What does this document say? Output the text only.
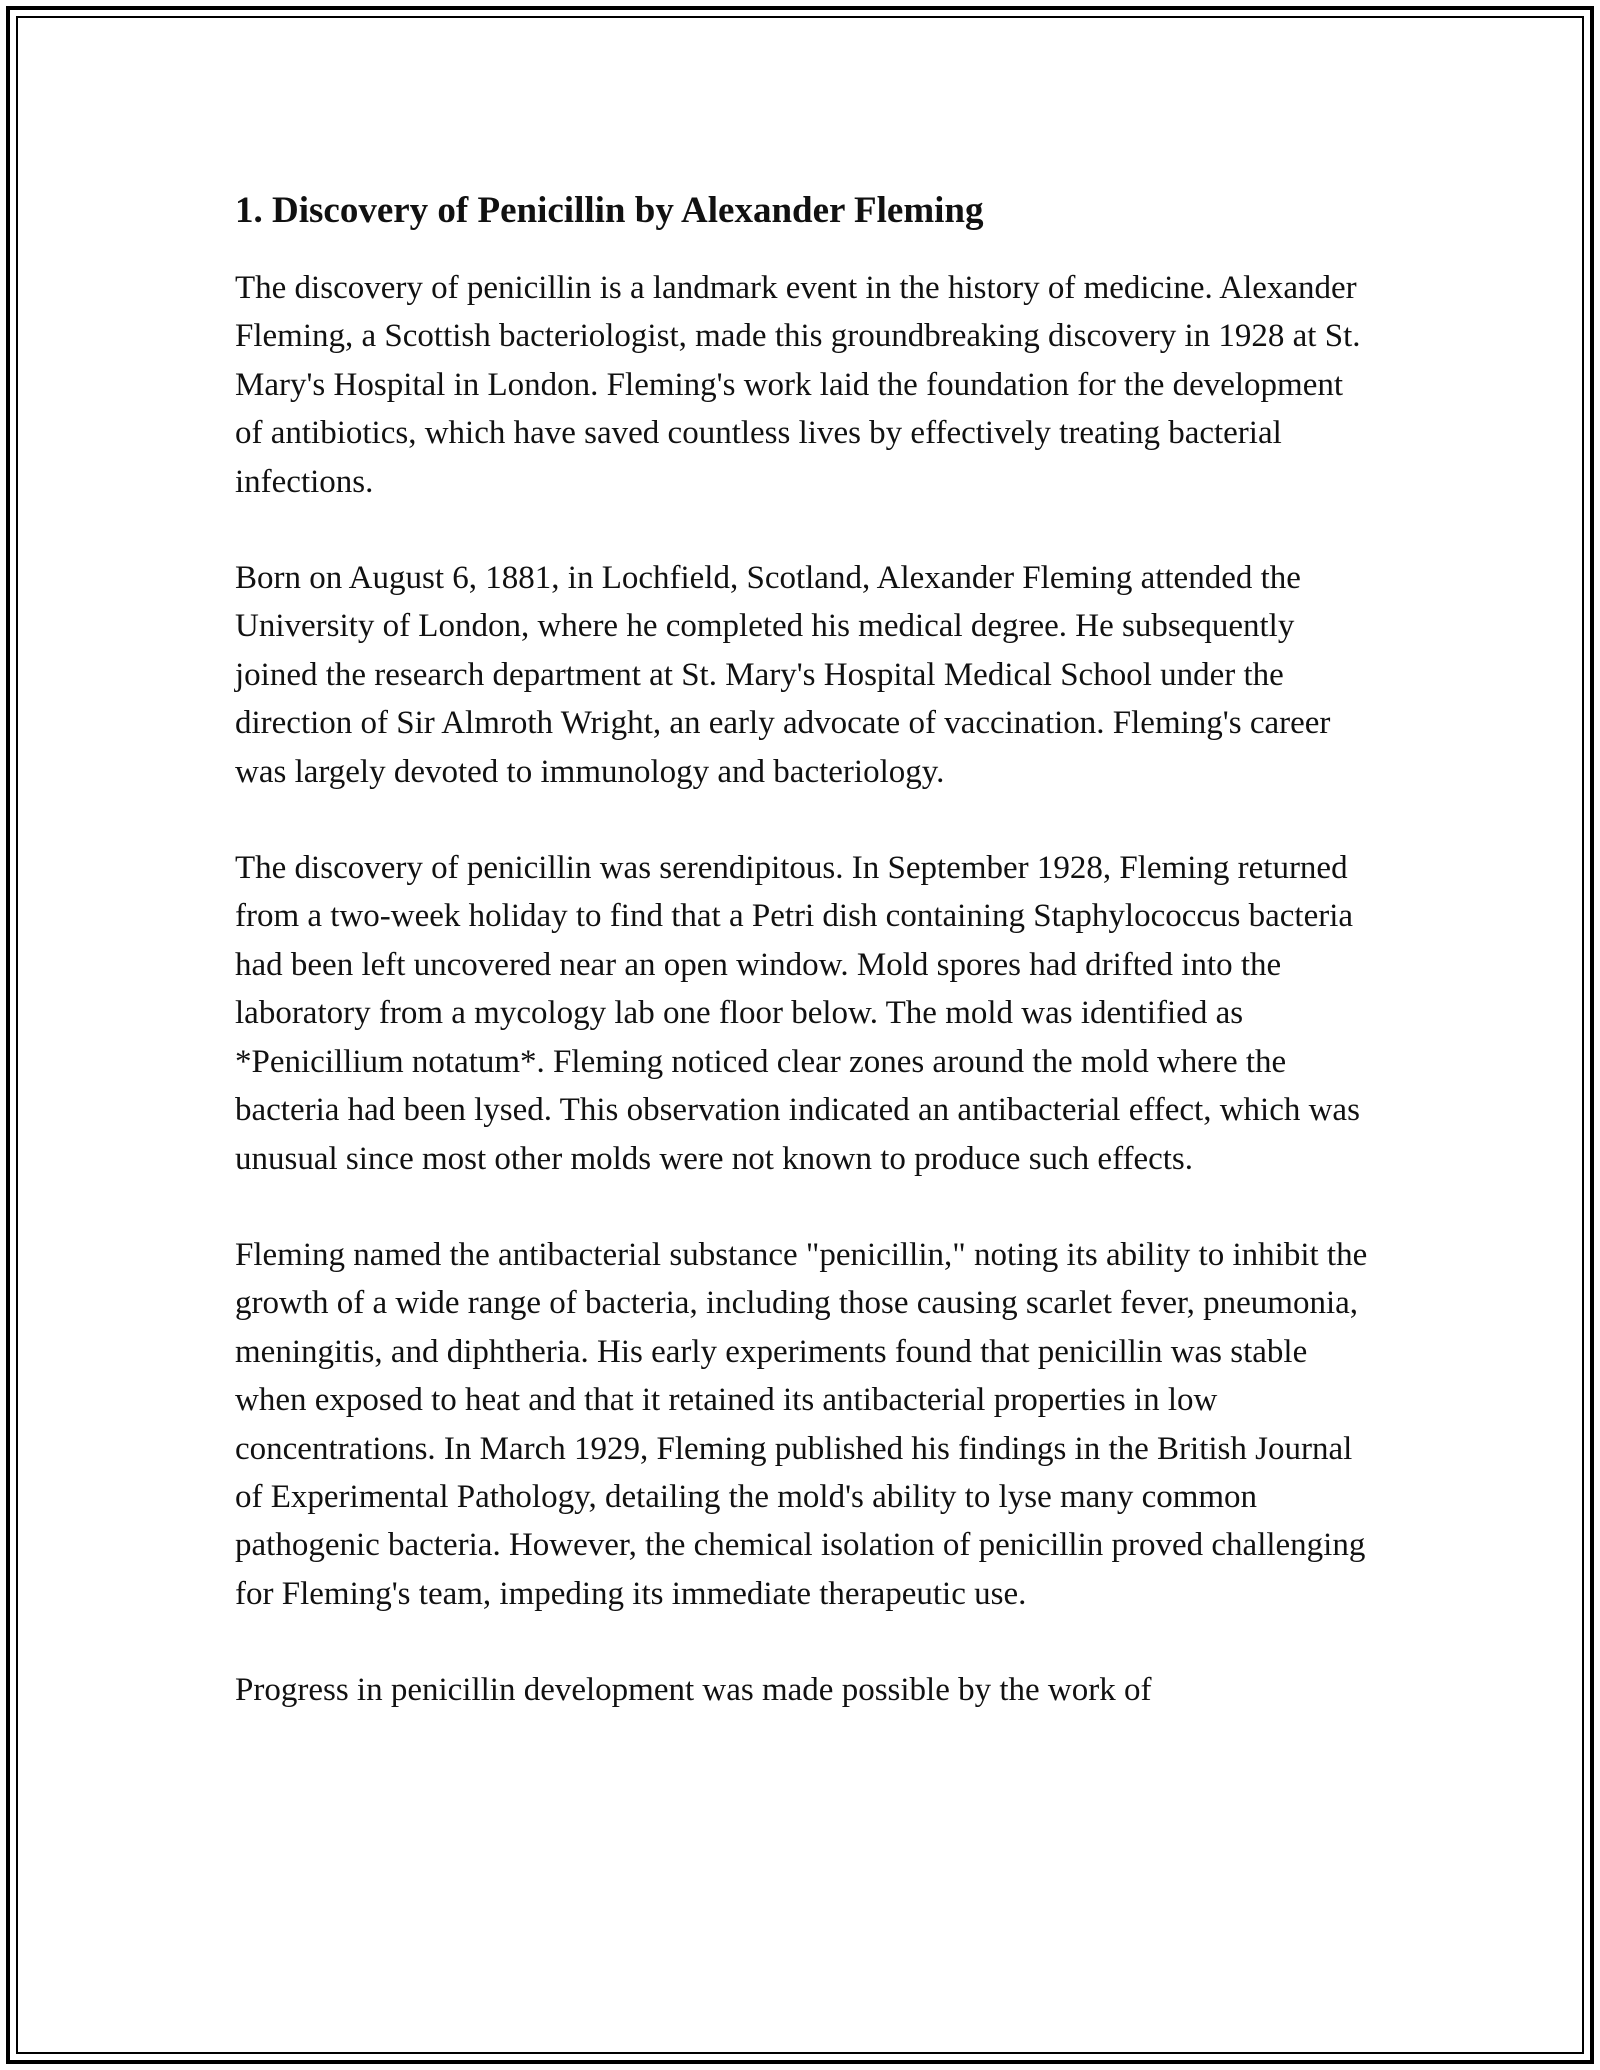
1. Discovery of Penicillin by Alexander Fleming

The discovery of penicillin is a landmark event in the history of medicine. Alexander Fleming, a Scottish bacteriologist, made this groundbreaking discovery in 1928 at St. Mary's Hospital in London. Fleming's work laid the foundation for the development of antibiotics, which have saved countless lives by effectively treating bacterial infections.

Born on August 6, 1881, in Lochfield, Scotland, Alexander Fleming attended the University of London, where he completed his medical degree. He subsequently joined the research department at St. Mary's Hospital Medical School under the direction of Sir Almroth Wright, an early advocate of vaccination. Fleming's career was largely devoted to immunology and bacteriology.

The discovery of penicillin was serendipitous. In September 1928, Fleming returned from a two-week holiday to find that a Petri dish containing Staphylococcus bacteria had been left uncovered near an open window. Mold spores had drifted into the laboratory from a mycology lab one floor below. The mold was identified as *Penicillium notatum*. Fleming noticed clear zones around the mold where the bacteria had been lysed. This observation indicated an antibacterial effect, which was unusual since most other molds were not known to produce such effects.

Fleming named the antibacterial substance "penicillin," noting its ability to inhibit the growth of a wide range of bacteria, including those causing scarlet fever, pneumonia, meningitis, and diphtheria. His early experiments found that penicillin was stable when exposed to heat and that it retained its antibacterial properties in low concentrations. In March 1929, Fleming published his findings in the British Journal of Experimental Pathology, detailing the mold's ability to lyse many common pathogenic bacteria. However, the chemical isolation of penicillin proved challenging for Fleming's team, impeding its immediate therapeutic use.

Progress in penicillin development was made possible by the work of
